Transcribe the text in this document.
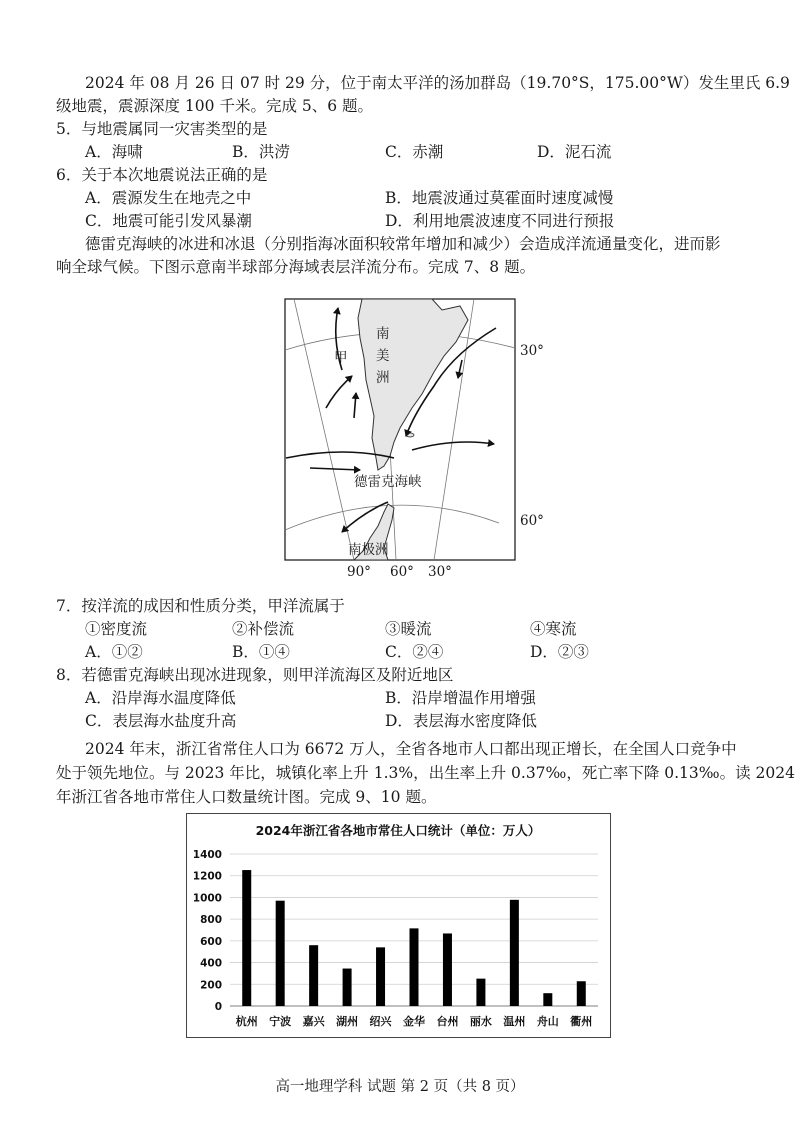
2024 年 08 月 26 日 07 时 29 分，位于南太平洋的汤加群岛（19.70°S，175.00°W）发生里氏 6.9
级地震，震源深度 100 千米。完成 5、6 题。
5．与地震属同一灾害类型的是
A．海啸	B．洪涝	C．赤潮	D．泥石流
6．关于本次地震说法正确的是
A．震源发生在地壳之中	B．地震波通过莫霍面时速度减慢
C．地震可能引发风暴潮	D．利用地震波速度不同进行预报
德雷克海峡的冰进和冰退（分别指海冰面积较常年增加和减少）会造成洋流通量变化，进而影
响全球气候。下图示意南半球部分海域表层洋流分布。完成 7、8 题。
南
美
洲
甲
德雷克海峡
南极洲
30°
60°
90° 60° 30°
7．按洋流的成因和性质分类，甲洋流属于
①密度流	②补偿流	③暖流	④寒流
A．①②	B．①④	C．②④	D．②③
8．若德雷克海峡出现冰进现象，则甲洋流海区及附近地区
A．沿岸海水温度降低	B．沿岸增温作用增强
C．表层海水盐度升高	D．表层海水密度降低
2024 年末，浙江省常住人口为 6672 万人，全省各地市人口都出现正增长，在全国人口竞争中
处于领先地位。与 2023 年比，城镇化率上升 1.3%，出生率上升 0.37‰，死亡率下降 0.13‰。读 2024
年浙江省各地市常住人口数量统计图。完成 9、10 题。
2024年浙江省各地市常住人口统计（单位：万人）
0
200
400
600
800
1000
1200
1400
杭州 宁波 嘉兴 湖州 绍兴 金华 台州 丽水 温州 舟山 衢州
高一地理学科 试题 第 2 页（共 8 页）
